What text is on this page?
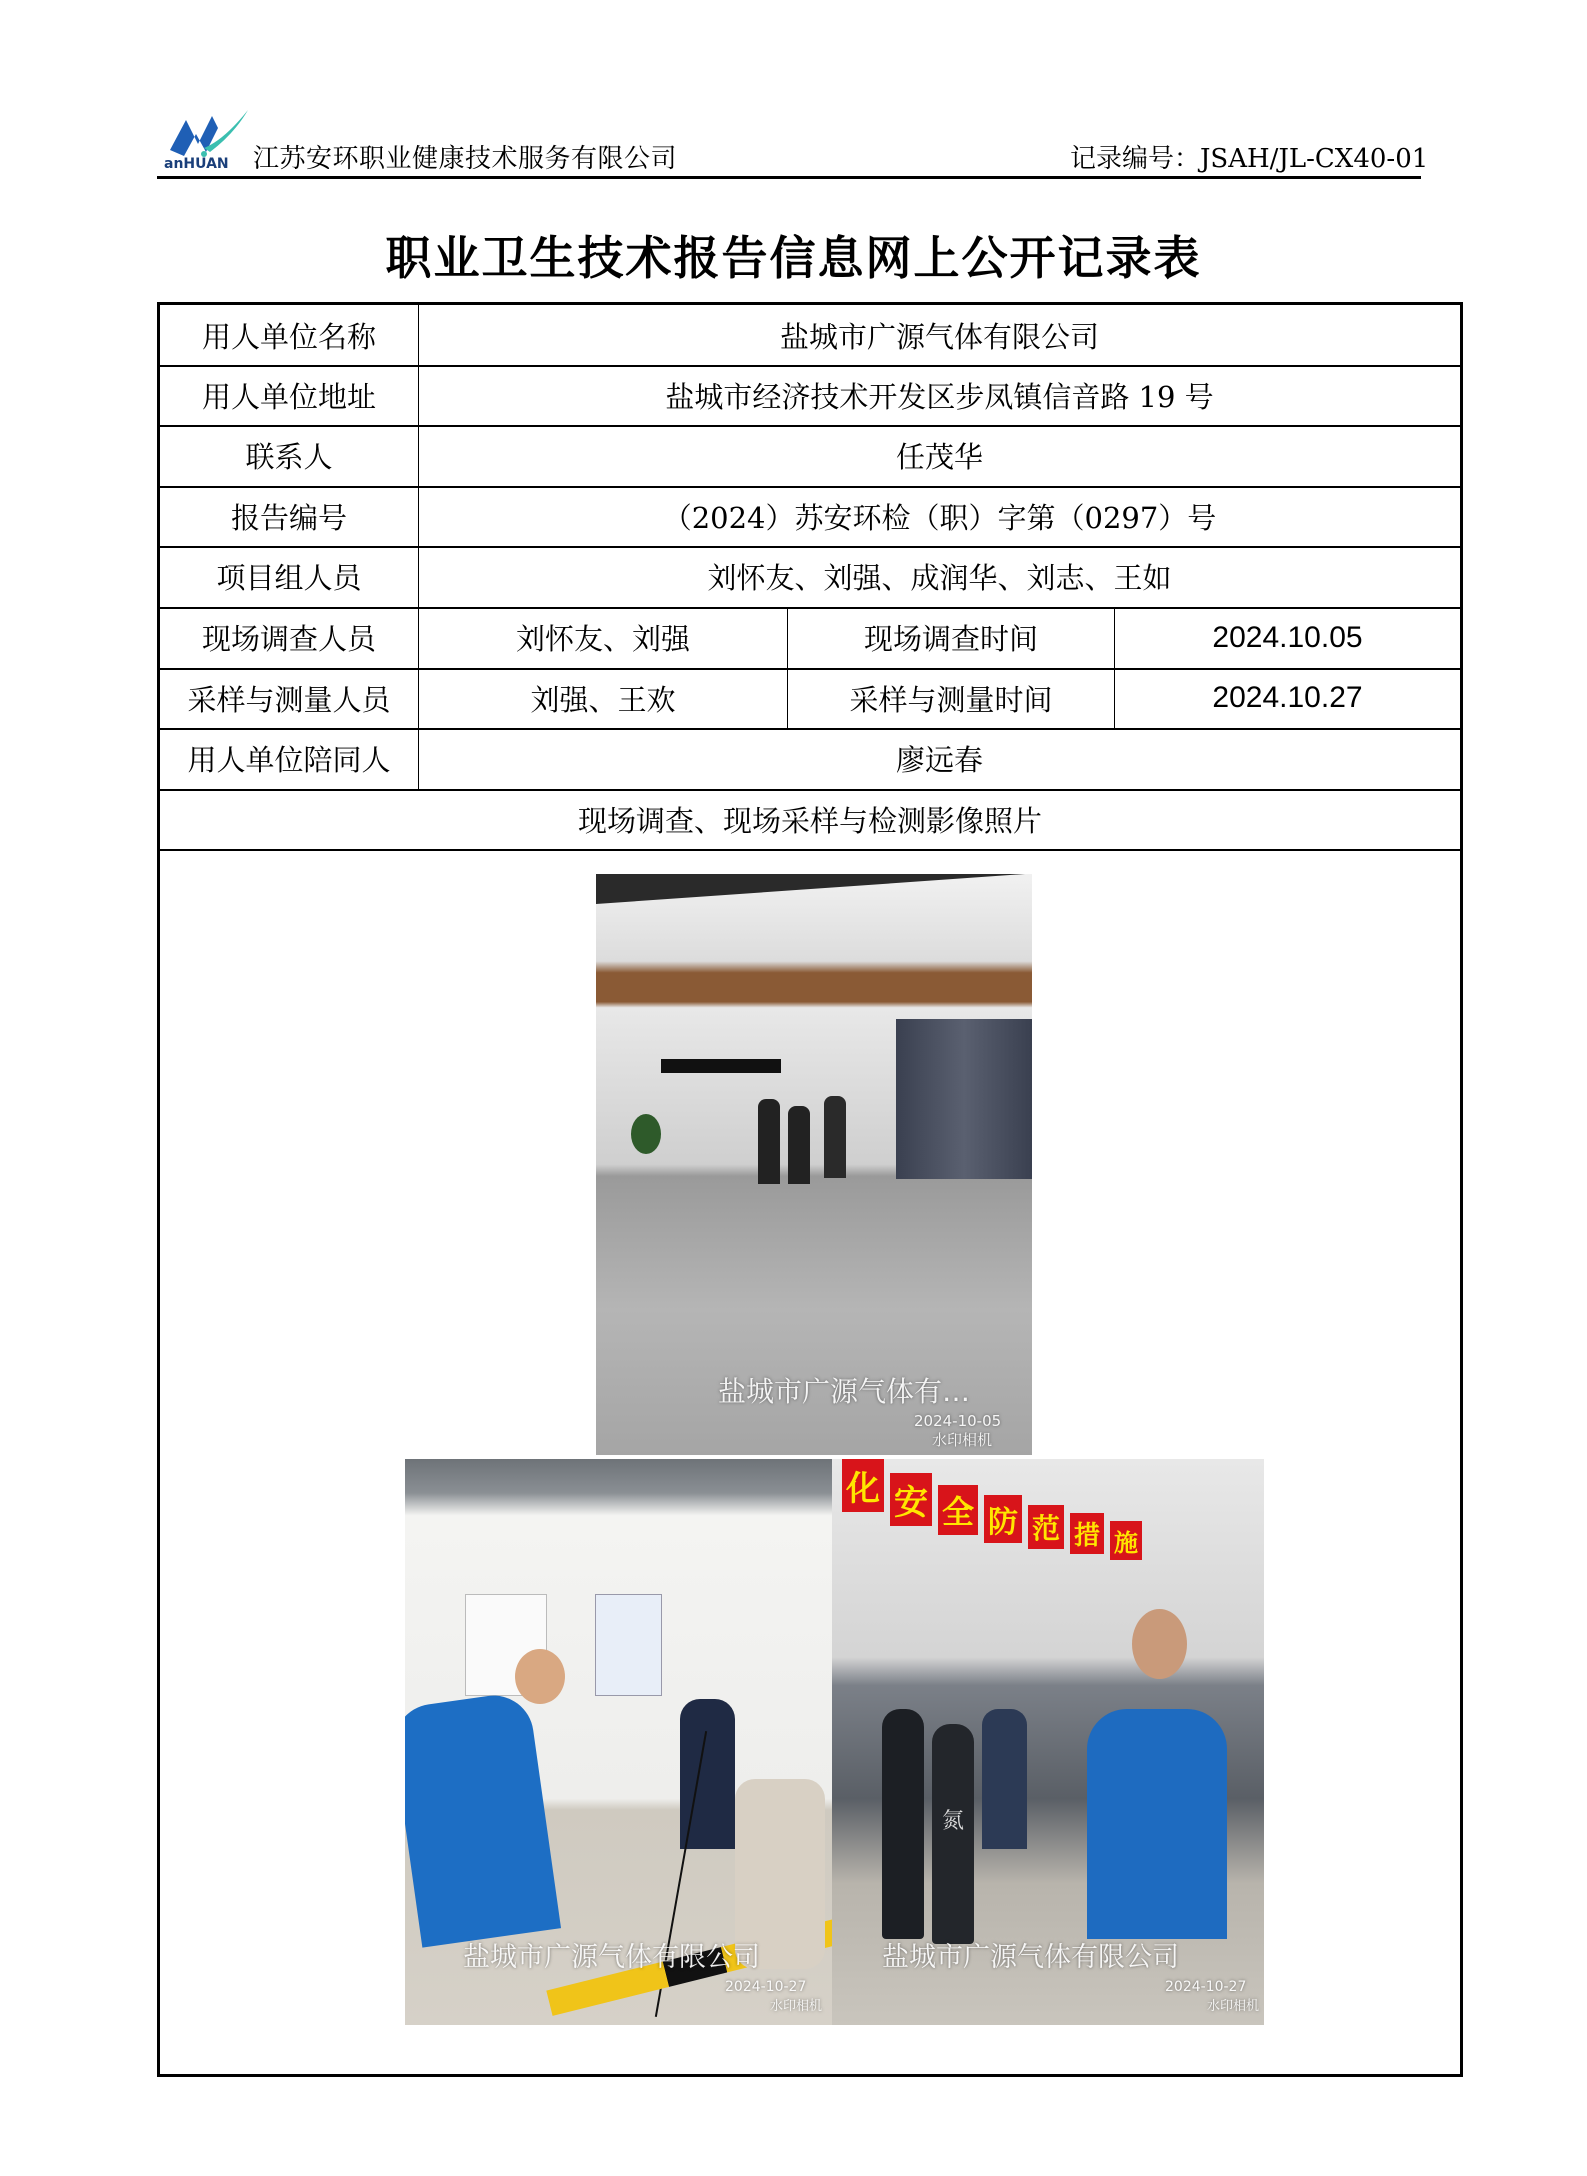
anHUAN 江苏安环职业健康技术服务有限公司	记录编号：JSAH/JL-CX40-01
职业卫生技术报告信息网上公开记录表
用人单位名称	盐城市广源气体有限公司
用人单位地址	盐城市经济技术开发区步凤镇信音路 19 号
联系人	任茂华
报告编号	（2024）苏安环检（职）字第（0297）号
项目组人员	刘怀友、刘强、成润华、刘志、王如
现场调查人员	刘怀友、刘强	现场调查时间	2024.10.05
采样与测量人员	刘强、王欢	采样与测量时间	2024.10.27
用人单位陪同人	廖远春
现场调查、现场采样与检测影像照片
盐城市广源气体有…
2024-10-05
水印相机
盐城市广源气体有限公司
2024-10-27
水印相机
化 安 全 防 范 措 施
氮
盐城市广源气体有限公司
2024-10-27
水印相机
